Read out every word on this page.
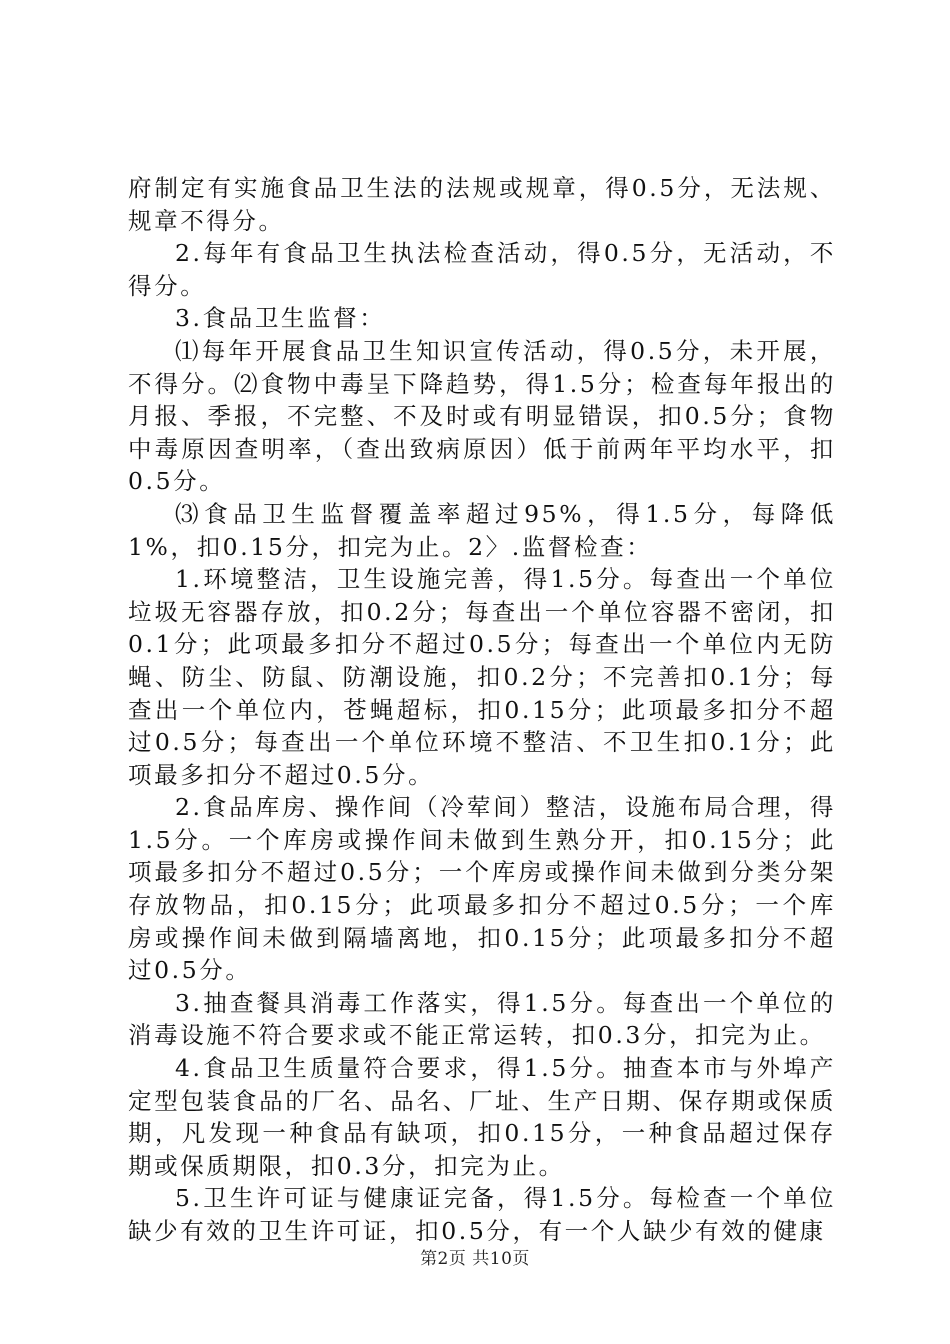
府制定有实施食品卫生法的法规或规章，得0.5分，无法规、规章不得分。

2.每年有食品卫生执法检查活动，得0.5分，无活动，不得分。

3.食品卫生监督：

⑴每年开展食品卫生知识宣传活动，得0.5分，未开展，不得分。⑵食物中毒呈下降趋势，得1.5分；检查每年报出的月报、季报，不完整、不及时或有明显错误，扣0.5分；食物中毒原因查明率，（查出致病原因）低于前两年平均水平，扣0.5分。

⑶食品卫生监督覆盖率超过95%，得1.5分，每降低1%，扣0.15分，扣完为止。2〉.监督检查：

1.环境整洁，卫生设施完善，得1.5分。每查出一个单位垃圾无容器存放，扣0.2分；每查出一个单位容器不密闭，扣0.1分；此项最多扣分不超过0.5分；每查出一个单位内无防蝇、防尘、防鼠、防潮设施，扣0.2分；不完善扣0.1分；每查出一个单位内，苍蝇超标，扣0.15分；此项最多扣分不超过0.5分；每查出一个单位环境不整洁、不卫生扣0.1分；此项最多扣分不超过0.5分。

2.食品库房、操作间（冷荤间）整洁，设施布局合理，得1.5分。一个库房或操作间未做到生熟分开，扣0.15分；此项最多扣分不超过0.5分；一个库房或操作间未做到分类分架存放物品，扣0.15分；此项最多扣分不超过0.5分；一个库房或操作间未做到隔墙离地，扣0.15分；此项最多扣分不超过0.5分。

3.抽查餐具消毒工作落实，得1.5分。每查出一个单位的消毒设施不符合要求或不能正常运转，扣0.3分，扣完为止。

4.食品卫生质量符合要求，得1.5分。抽查本市与外埠产定型包装食品的厂名、品名、厂址、生产日期、保存期或保质期，凡发现一种食品有缺项，扣0.15分，一种食品超过保存期或保质期限，扣0.3分，扣完为止。

5.卫生许可证与健康证完备，得1.5分。每检查一个单位缺少有效的卫生许可证，扣0.5分，有一个人缺少有效的健康

第2页 共10页
